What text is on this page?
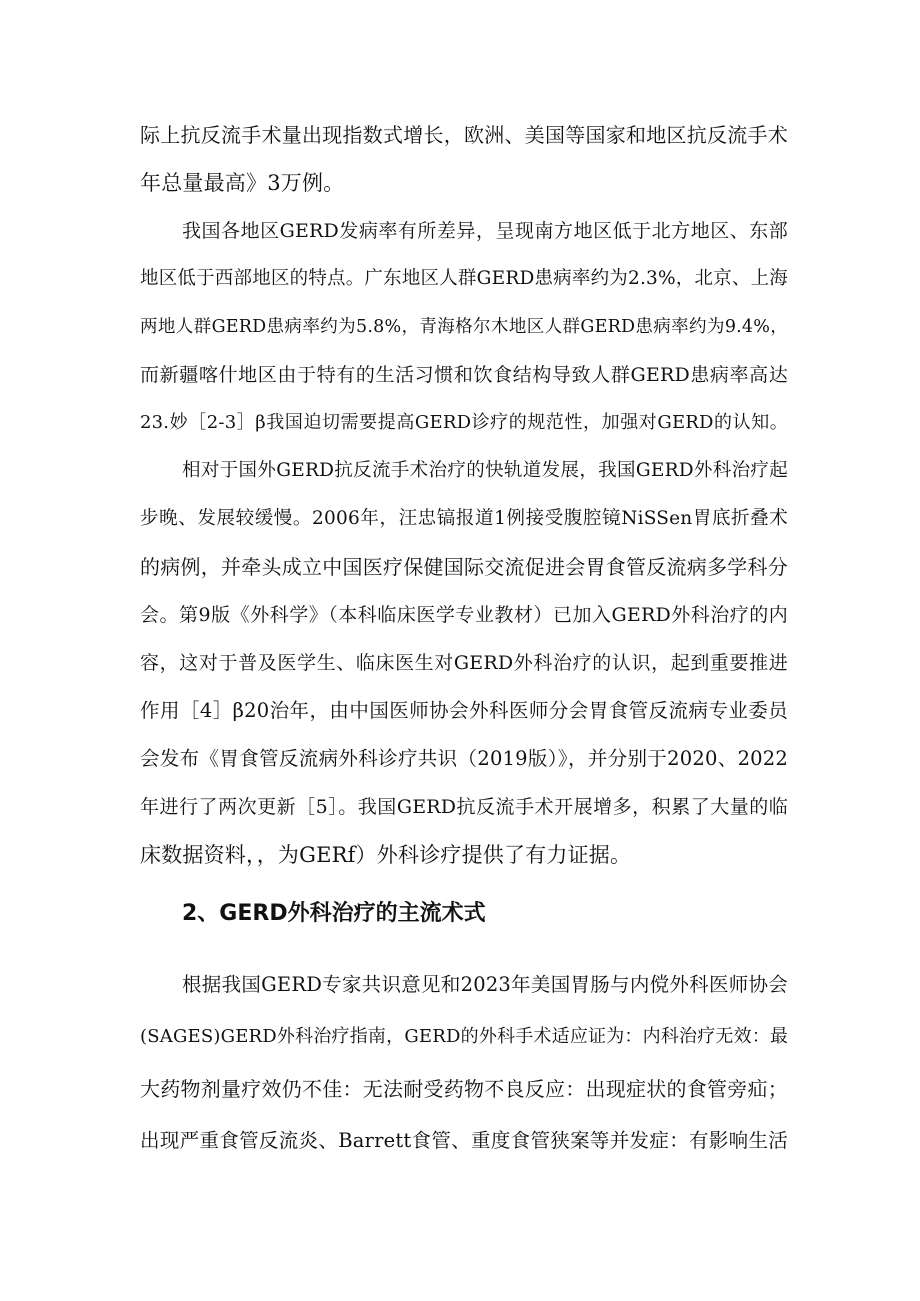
际上抗反流手术量出现指数式增长，欧洲、美国等国家和地区抗反流手术
年总量最高》3万例。
我国各地区GERD发病率有所差异，呈现南方地区低于北方地区、东部
地区低于西部地区的特点。广东地区人群GERD患病率约为2.3%，北京、上海
两地人群GERD患病率约为5.8%，青海格尔木地区人群GERD患病率约为9.4%，
而新疆喀什地区由于特有的生活习惯和饮食结构导致人群GERD患病率高达
23.妙［2-3］β我国迫切需要提高GERD诊疗的规范性，加强对GERD的认知。
相对于国外GERD抗反流手术治疗的快轨道发展，我国GERD外科治疗起
步晚、发展较缓慢。2006年，汪忠镐报道1例接受腹腔镜NiSSen胃底折叠术
的病例，并牵头成立中国医疗保健国际交流促进会胃食管反流病多学科分
会。第9版《外科学》（本科临床医学专业教材）已加入GERD外科治疗的内
容，这对于普及医学生、临床医生对GERD外科治疗的认识，起到重要推进
作用［4］β20治年，由中国医师协会外科医师分会胃食管反流病专业委员
会发布《胃食管反流病外科诊疗共识（2019版）》，并分别于2020、2022
年进行了两次更新［5］。我国GERD抗反流手术开展增多，积累了大量的临
床数据资料，，为GERf）外科诊疗提供了有力证据。
2、GERD外科治疗的主流术式
根据我国GERD专家共识意见和2023年美国胃肠与内傥外科医师协会
(SAGES)GERD外科治疗指南，GERD的外科手术适应证为：内科治疗无效：最
大药物剂量疗效仍不佳：无法耐受药物不良反应：出现症状的食管旁疝；
出现严重食管反流炎、Barrett食管、重度食管狭案等并发症：有影响生活
